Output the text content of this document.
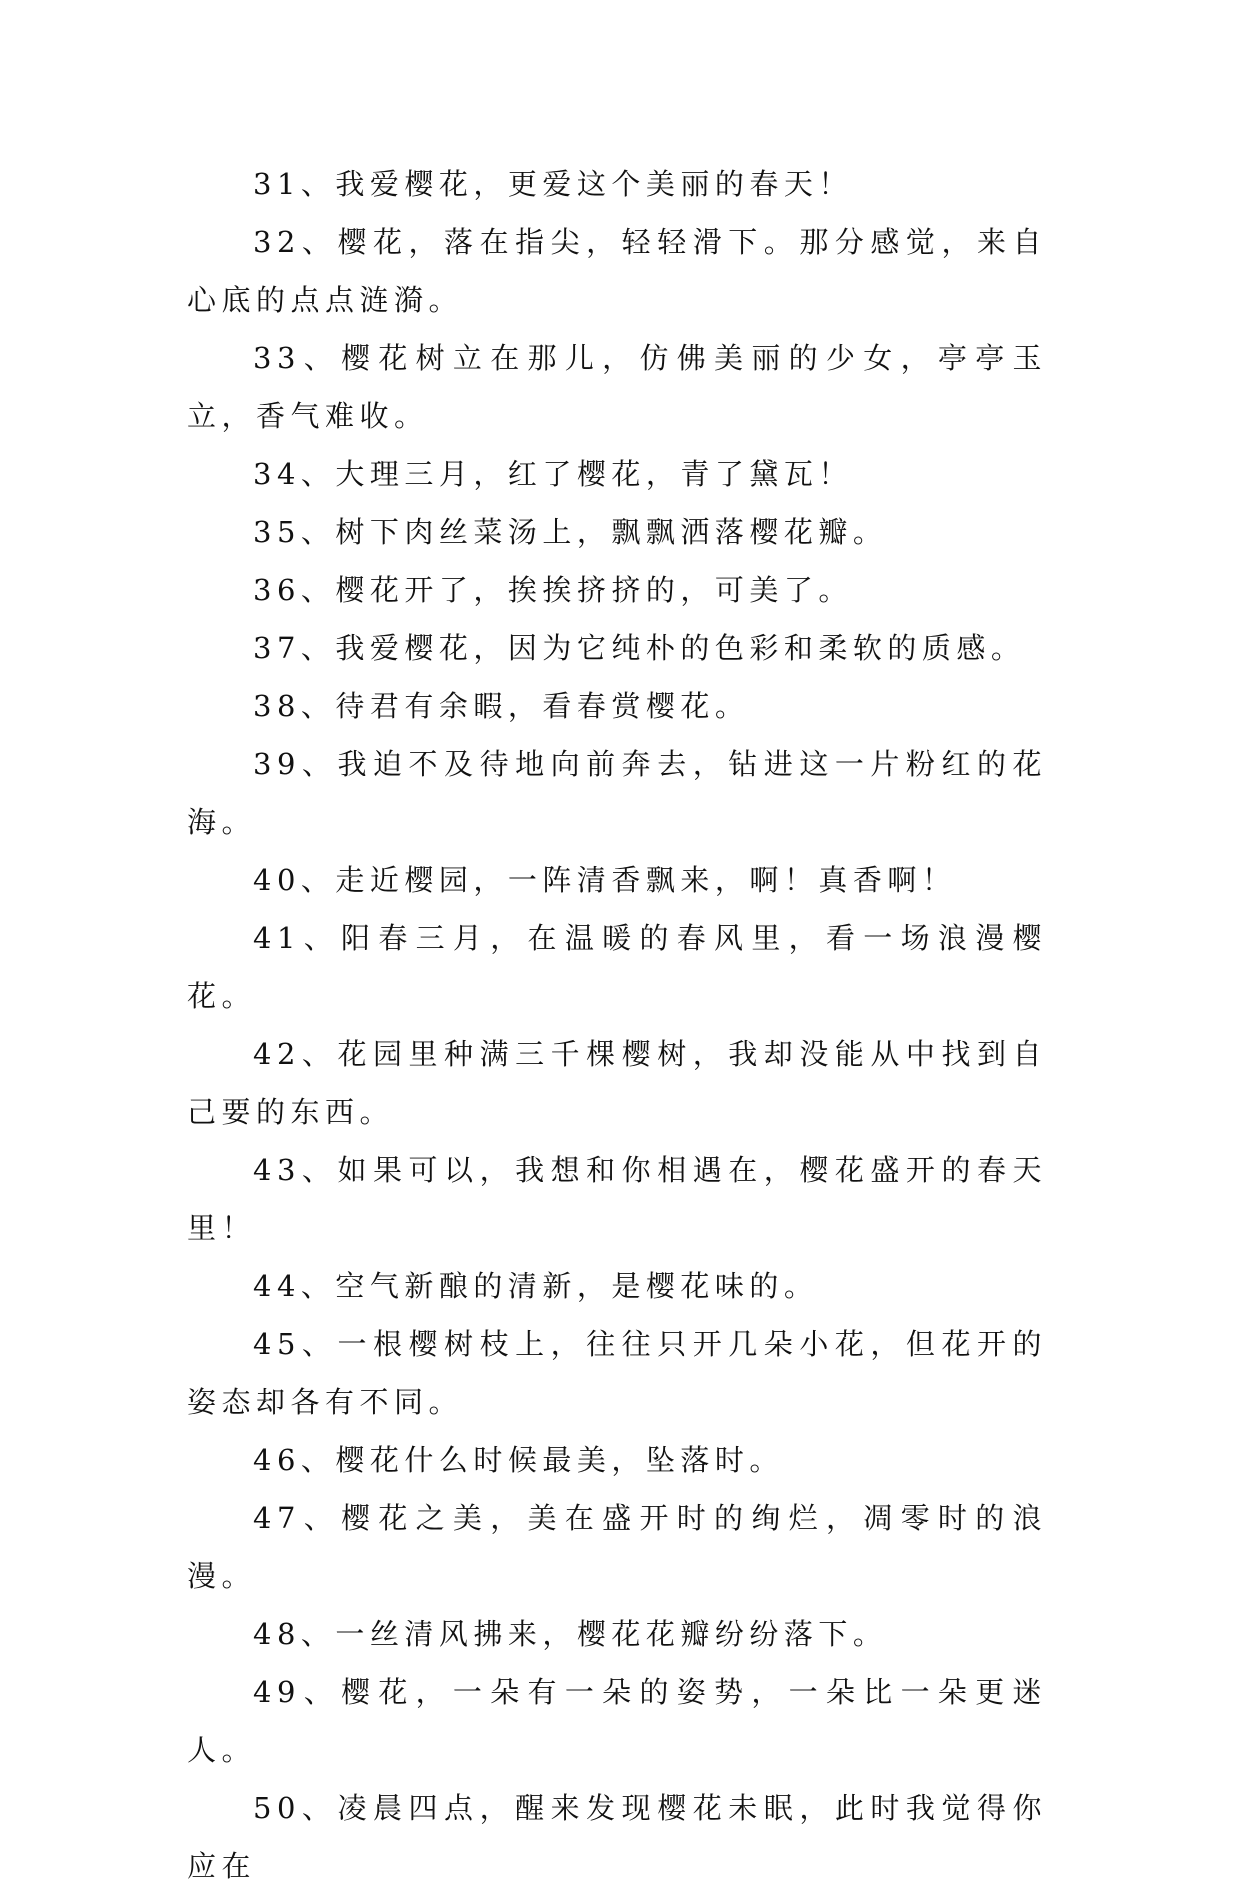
31、我爱樱花，更爱这个美丽的春天！

32、樱花，落在指尖，轻轻滑下。那分感觉，来自心底的点点涟漪。

33、樱花树立在那儿，仿佛美丽的少女，亭亭玉立，香气难收。

34、大理三月，红了樱花，青了黛瓦！

35、树下肉丝菜汤上，飘飘洒落樱花瓣。

36、樱花开了，挨挨挤挤的，可美了。

37、我爱樱花，因为它纯朴的色彩和柔软的质感。

38、待君有余暇，看春赏樱花。

39、我迫不及待地向前奔去，钻进这一片粉红的花海。

40、走近樱园，一阵清香飘来，啊！真香啊！

41、阳春三月，在温暖的春风里，看一场浪漫樱花。

42、花园里种满三千棵樱树，我却没能从中找到自己要的东西。

43、如果可以，我想和你相遇在，樱花盛开的春天里！

44、空气新酿的清新，是樱花味的。

45、一根樱树枝上，往往只开几朵小花，但花开的姿态却各有不同。

46、樱花什么时候最美，坠落时。

47、樱花之美，美在盛开时的绚烂，凋零时的浪漫。

48、一丝清风拂来，樱花花瓣纷纷落下。

49、樱花，一朵有一朵的姿势，一朵比一朵更迷人。

50、凌晨四点，醒来发现樱花未眠，此时我觉得你应在
